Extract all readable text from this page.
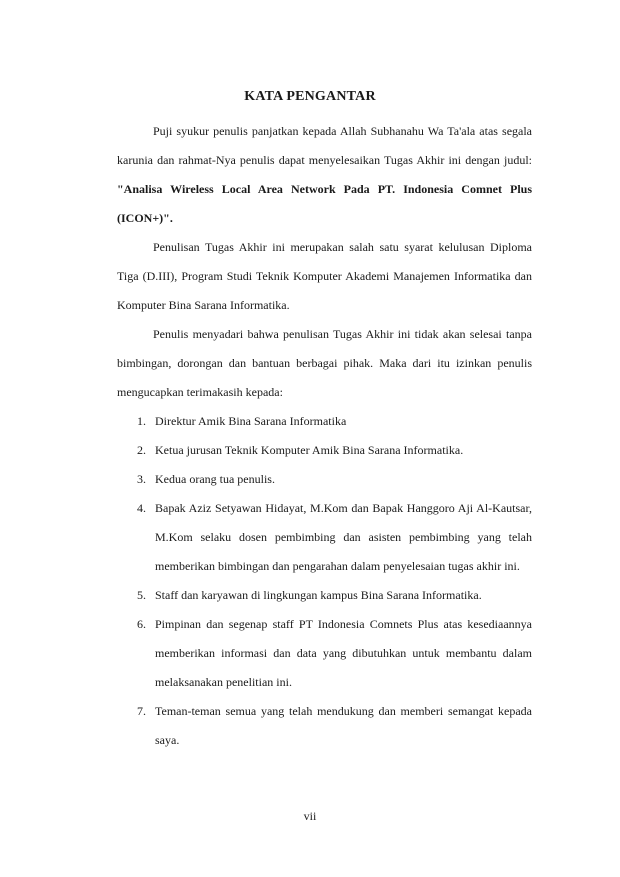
KATA PENGANTAR

Puji syukur penulis panjatkan kepada Allah Subhanahu Wa Ta'ala atas segala karunia dan rahmat-Nya penulis dapat menyelesaikan Tugas Akhir ini dengan judul: "Analisa Wireless Local Area Network Pada PT. Indonesia Comnet Plus (ICON+)".

Penulisan Tugas Akhir ini merupakan salah satu syarat kelulusan Diploma Tiga (D.III), Program Studi Teknik Komputer Akademi Manajemen Informatika dan Komputer Bina Sarana Informatika.

Penulis menyadari bahwa penulisan Tugas Akhir ini tidak akan selesai tanpa bimbingan, dorongan dan bantuan berbagai pihak. Maka dari itu izinkan penulis mengucapkan terimakasih kepada:

1. Direktur Amik Bina Sarana Informatika
2. Ketua jurusan Teknik Komputer Amik Bina Sarana Informatika.
3. Kedua orang tua penulis.
4. Bapak Aziz Setyawan Hidayat, M.Kom dan Bapak Hanggoro Aji Al-Kautsar, M.Kom selaku dosen pembimbing dan asisten pembimbing yang telah memberikan bimbingan dan pengarahan dalam penyelesaian tugas akhir ini.
5. Staff dan karyawan di lingkungan kampus Bina Sarana Informatika.
6. Pimpinan dan segenap staff PT Indonesia Comnets Plus atas kesediaannya memberikan informasi dan data yang dibutuhkan untuk membantu dalam melaksanakan penelitian ini.
7. Teman-teman semua yang telah mendukung dan memberi semangat kepada saya.
vii
